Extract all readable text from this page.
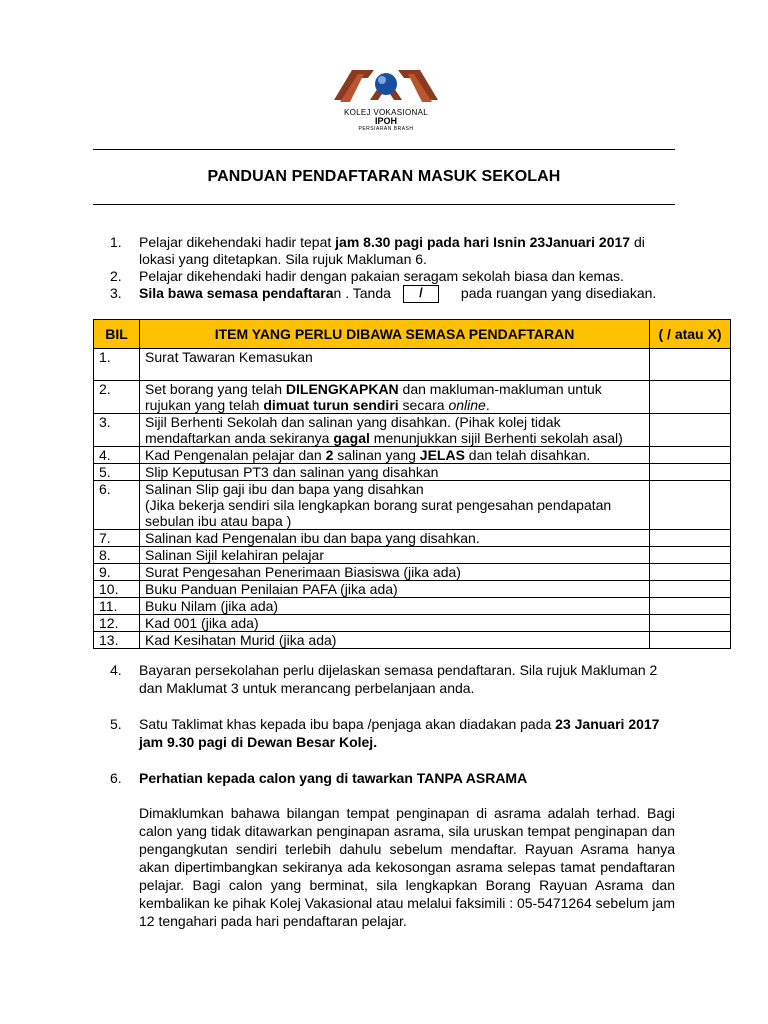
KOLEJ VOKASIONAL
IPOH
PERSIARAN BRASH
PANDUAN PENDAFTARAN MASUK SEKOLAH
1. Pelajar dikehendaki hadir tepat jam 8.30 pagi pada hari Isnin 23Januari 2017 di lokasi yang ditetapkan. Sila rujuk Makluman 6.
2. Pelajar dikehendaki hadir dengan pakaian seragam sekolah biasa dan kemas.
3. Sila bawa semasa pendaftaran . Tanda /	pada ruangan yang disediakan.
BIL	ITEM YANG PERLU DIBAWA SEMASA PENDAFTARAN	( / atau X)
1.	Surat Tawaran Kemasukan	
2.	Set borang yang telah DILENGKAPKAN dan makluman-makluman untuk rujukan yang telah dimuat turun sendiri secara online.	
3.	Sijil Berhenti Sekolah dan salinan yang disahkan. (Pihak kolej tidak mendaftarkan anda sekiranya gagal menunjukkan sijil Berhenti sekolah asal)	
4.	Kad Pengenalan pelajar dan 2 salinan yang JELAS dan telah disahkan.	
5.	Slip Keputusan PT3 dan salinan yang disahkan	
6.	Salinan Slip gaji ibu dan bapa yang disahkan
(Jika bekerja sendiri sila lengkapkan borang surat pengesahan pendapatan sebulan ibu atau bapa )	
7.	Salinan kad Pengenalan ibu dan bapa yang disahkan.	
8.	Salinan Sijil kelahiran pelajar	
9.	Surat Pengesahan Penerimaan Biasiswa (jika ada)	
10.	Buku Panduan Penilaian PAFA (jika ada)	
11.	Buku Nilam (jika ada)	
12.	Kad 001 (jika ada)	
13.	Kad Kesihatan Murid (jika ada)	
4. Bayaran persekolahan perlu dijelaskan semasa pendaftaran. Sila rujuk Makluman 2 dan Maklumat 3 untuk merancang perbelanjaan anda.
5. Satu Taklimat khas kepada ibu bapa /penjaga akan diadakan pada 23 Januari 2017 jam 9.30 pagi di Dewan Besar Kolej.
6. Perhatian kepada calon yang di tawarkan TANPA ASRAMA
Dimaklumkan bahawa bilangan tempat penginapan di asrama adalah terhad. Bagi calon yang tidak ditawarkan penginapan asrama, sila uruskan tempat penginapan dan pengangkutan sendiri terlebih dahulu sebelum mendaftar. Rayuan Asrama hanya akan dipertimbangkan sekiranya ada kekosongan asrama selepas tamat pendaftaran pelajar. Bagi calon yang berminat, sila lengkapkan Borang Rayuan Asrama dan kembalikan ke pihak Kolej Vakasional atau melalui faksimili : 05-5471264 sebelum jam 12 tengahari pada hari pendaftaran pelajar.
